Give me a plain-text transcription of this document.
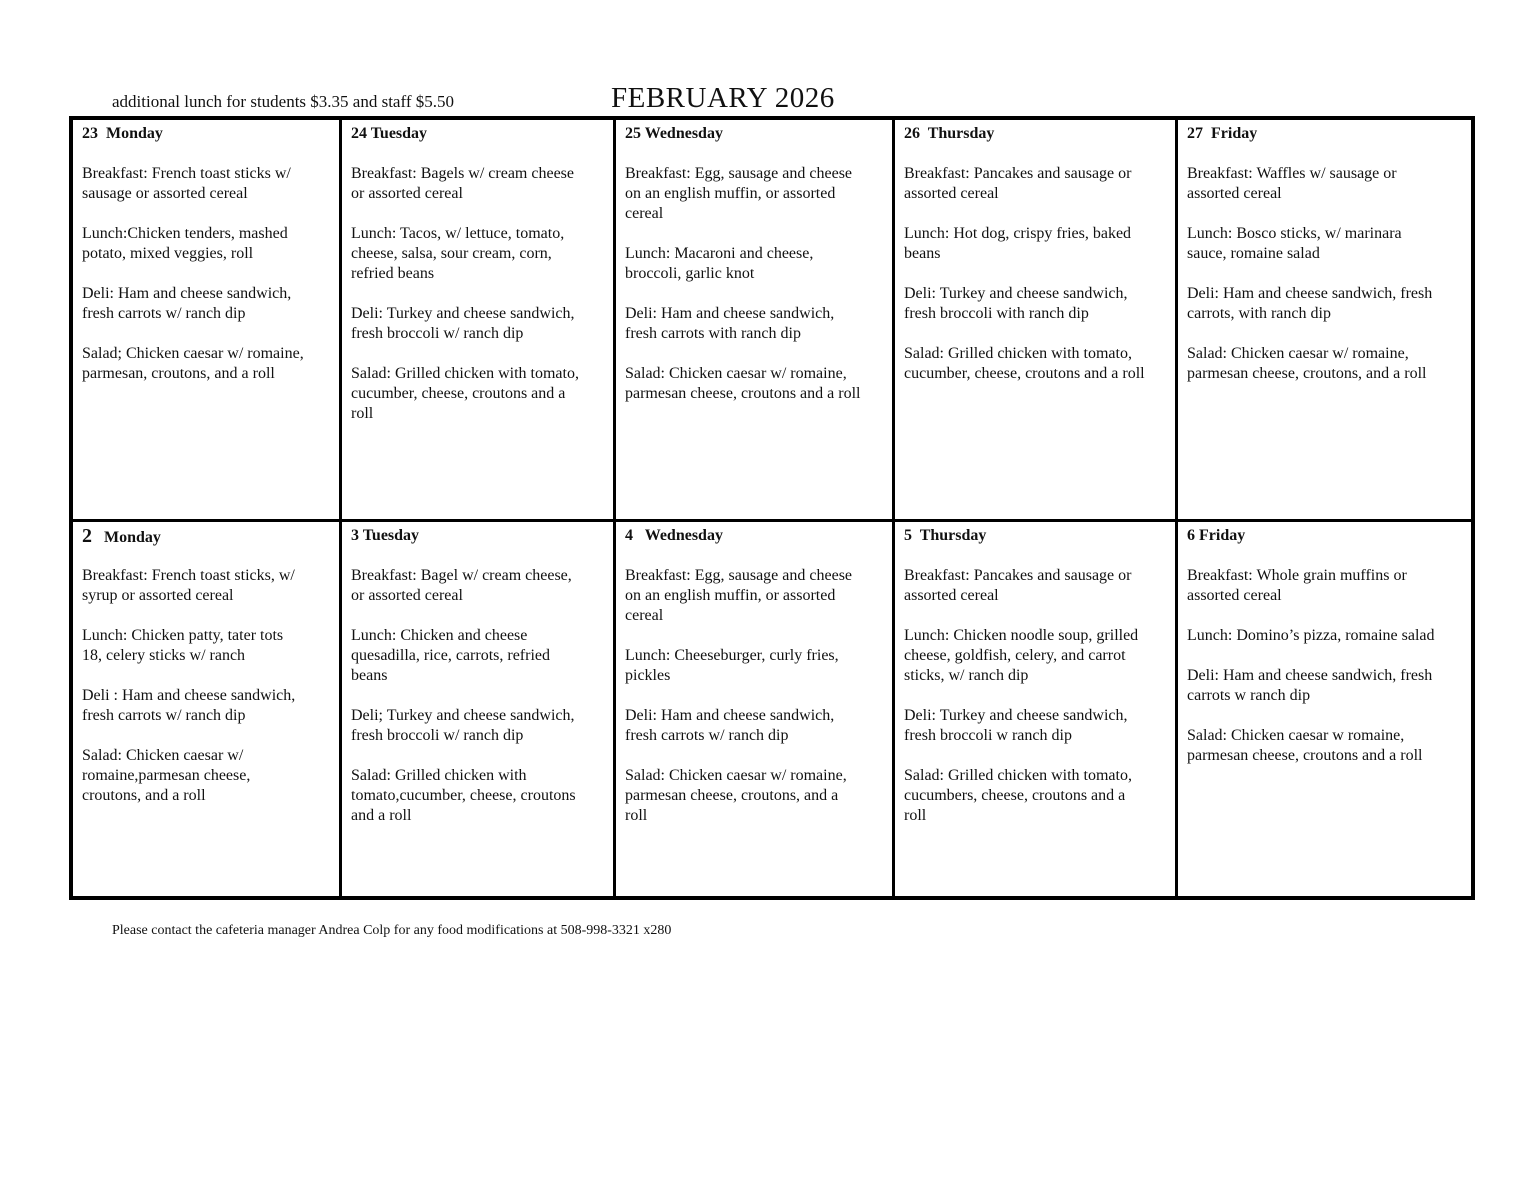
additional lunch for students $3.35 and staff $5.50	FEBRUARY 2026
23  Monday
Breakfast: French toast sticks w/
sausage or assorted cereal
Lunch:Chicken tenders, mashed
potato, mixed veggies, roll
Deli: Ham and cheese sandwich,
fresh carrots w/ ranch dip
Salad; Chicken caesar w/ romaine,
parmesan, croutons, and a roll
24 Tuesday
Breakfast: Bagels w/ cream cheese
or assorted cereal
Lunch: Tacos, w/ lettuce, tomato,
cheese, salsa, sour cream, corn,
refried beans
Deli: Turkey and cheese sandwich,
fresh broccoli w/ ranch dip
Salad: Grilled chicken with tomato,
cucumber, cheese, croutons and a
roll
25 Wednesday
Breakfast: Egg, sausage and cheese
on an english muffin, or assorted
cereal
Lunch: Macaroni and cheese,
broccoli, garlic knot
Deli: Ham and cheese sandwich,
fresh carrots with ranch dip
Salad: Chicken caesar w/ romaine,
parmesan cheese, croutons and a roll
26  Thursday
Breakfast: Pancakes and sausage or
assorted cereal
Lunch: Hot dog, crispy fries, baked
beans
Deli: Turkey and cheese sandwich,
fresh broccoli with ranch dip
Salad: Grilled chicken with tomato,
cucumber, cheese, croutons and a roll
27  Friday
Breakfast: Waffles w/ sausage or
assorted cereal
Lunch: Bosco sticks, w/ marinara
sauce, romaine salad
Deli: Ham and cheese sandwich, fresh
carrots, with ranch dip
Salad: Chicken caesar w/ romaine,
parmesan cheese, croutons, and a roll
2 Monday
Breakfast: French toast sticks, w/
syrup or assorted cereal
Lunch: Chicken patty, tater tots
18, celery sticks w/ ranch
Deli : Ham and cheese sandwich,
fresh carrots w/ ranch dip
Salad: Chicken caesar w/
romaine,parmesan cheese,
croutons, and a roll
3 Tuesday
Breakfast: Bagel w/ cream cheese,
or assorted cereal
Lunch: Chicken and cheese
quesadilla, rice, carrots, refried
beans
Deli; Turkey and cheese sandwich,
fresh broccoli w/ ranch dip
Salad: Grilled chicken with
tomato,cucumber, cheese, croutons
and a roll
4   Wednesday
Breakfast: Egg, sausage and cheese
on an english muffin, or assorted
cereal
Lunch: Cheeseburger, curly fries,
pickles
Deli: Ham and cheese sandwich,
fresh carrots w/ ranch dip
Salad: Chicken caesar w/ romaine,
parmesan cheese, croutons, and a
roll
5  Thursday
Breakfast: Pancakes and sausage or
assorted cereal
Lunch: Chicken noodle soup, grilled
cheese, goldfish, celery, and carrot
sticks, w/ ranch dip
Deli: Turkey and cheese sandwich,
fresh broccoli w ranch dip
Salad: Grilled chicken with tomato,
cucumbers, cheese, croutons and a
roll
6 Friday
Breakfast: Whole grain muffins or
assorted cereal
Lunch: Domino’s pizza, romaine salad
Deli: Ham and cheese sandwich, fresh
carrots w ranch dip
Salad: Chicken caesar w romaine,
parmesan cheese, croutons and a roll
Please contact the cafeteria manager Andrea Colp for any food modifications at 508-998-3321 x280
